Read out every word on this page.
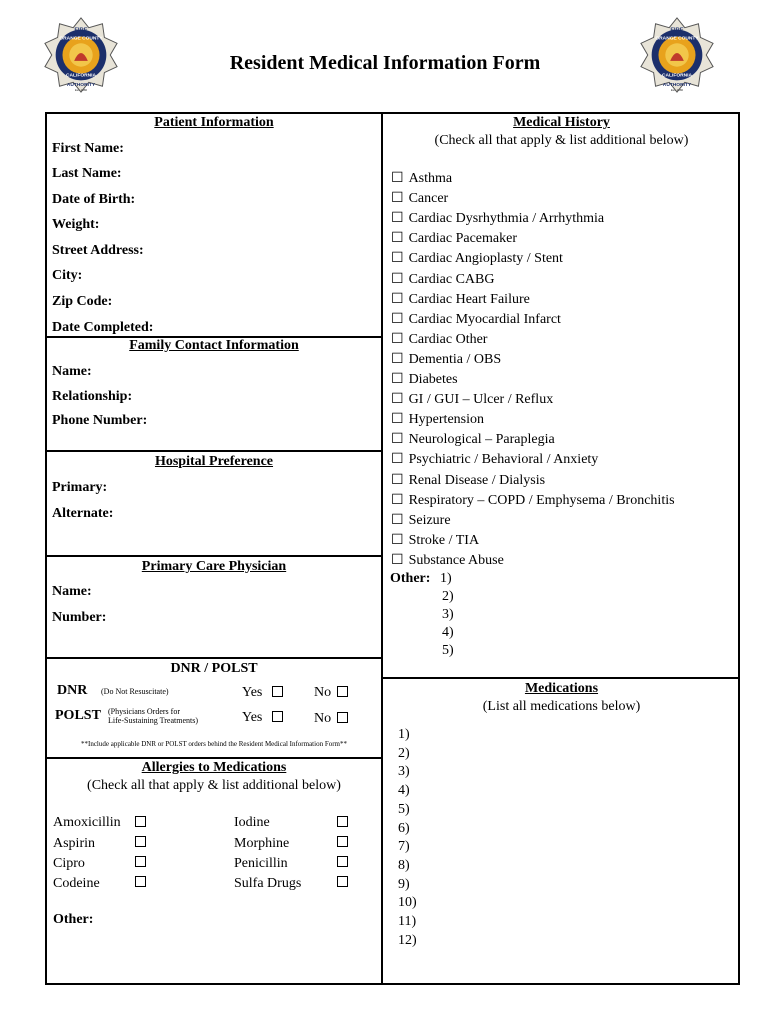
Resident Medical Information Form
FIRE
ORANGE COUNTY
CALIFORNIA
AUTHORITY
Est. 1980
FIRE
ORANGE COUNTY
CALIFORNIA
AUTHORITY
Est. 1980
Patient Information
First Name:
Last Name:
Date of Birth:
Weight:
Street Address:
City:
Zip Code:
Date Completed:
Family Contact Information
Name:
Relationship:
Phone Number:
Hospital Preference
Primary:
Alternate:
Primary Care Physician
Name:
Number:
DNR / POLST
DNR (Do Not Resuscitate)	Yes	No
POLST (Physicians Orders for
Life-Sustaining Treatments)	Yes	No
**Include applicable DNR or POLST orders behind the Resident Medical Information Form**
Allergies to Medications
(Check all that apply & list additional below)
Amoxicillin
Aspirin
Cipro
Codeine
Iodine
Morphine
Penicillin
Sulfa Drugs
Other:
Medical History
(Check all that apply & list additional below)
☐ Asthma
☐ Cancer
☐ Cardiac Dysrhythmia / Arrhythmia
☐ Cardiac Pacemaker
☐ Cardiac Angioplasty / Stent
☐ Cardiac CABG
☐ Cardiac Heart Failure
☐ Cardiac Myocardial Infarct
☐ Cardiac Other
☐ Dementia / OBS
☐ Diabetes
☐ GI / GUI – Ulcer / Reflux
☐ Hypertension
☐ Neurological – Paraplegia
☐ Psychiatric / Behavioral / Anxiety
☐ Renal Disease / Dialysis
☐ Respiratory – COPD / Emphysema / Bronchitis
☐ Seizure
☐ Stroke / TIA
☐ Substance Abuse
Other: 1)
2)
3)
4)
5)
Medications
(List all medications below)
1)
2)
3)
4)
5)
6)
7)
8)
9)
10)
11)
12)
